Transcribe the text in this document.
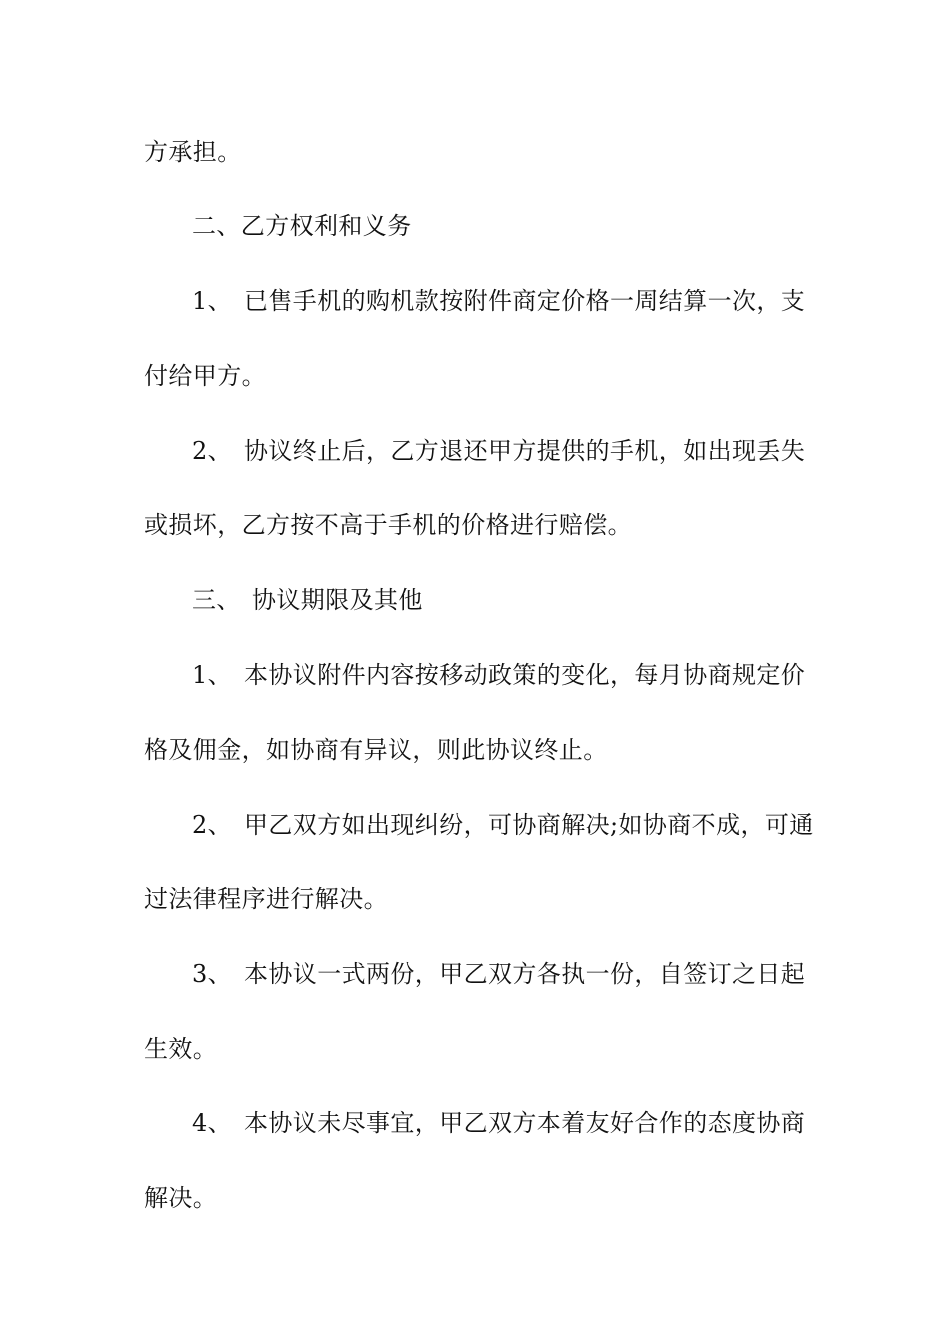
方承担。
二、乙方权利和义务
1、 已售手机的购机款按附件商定价格一周结算一次，支
付给甲方。
2、 协议终止后，乙方退还甲方提供的手机，如出现丢失
或损坏，乙方按不高于手机的价格进行赔偿。
三、 协议期限及其他
1、 本协议附件内容按移动政策的变化，每月协商规定价
格及佣金，如协商有异议，则此协议终止。
2、 甲乙双方如出现纠纷，可协商解决;如协商不成，可通
过法律程序进行解决。
3、 本协议一式两份，甲乙双方各执一份，自签订之日起
生效。
4、 本协议未尽事宜，甲乙双方本着友好合作的态度协商
解决。
